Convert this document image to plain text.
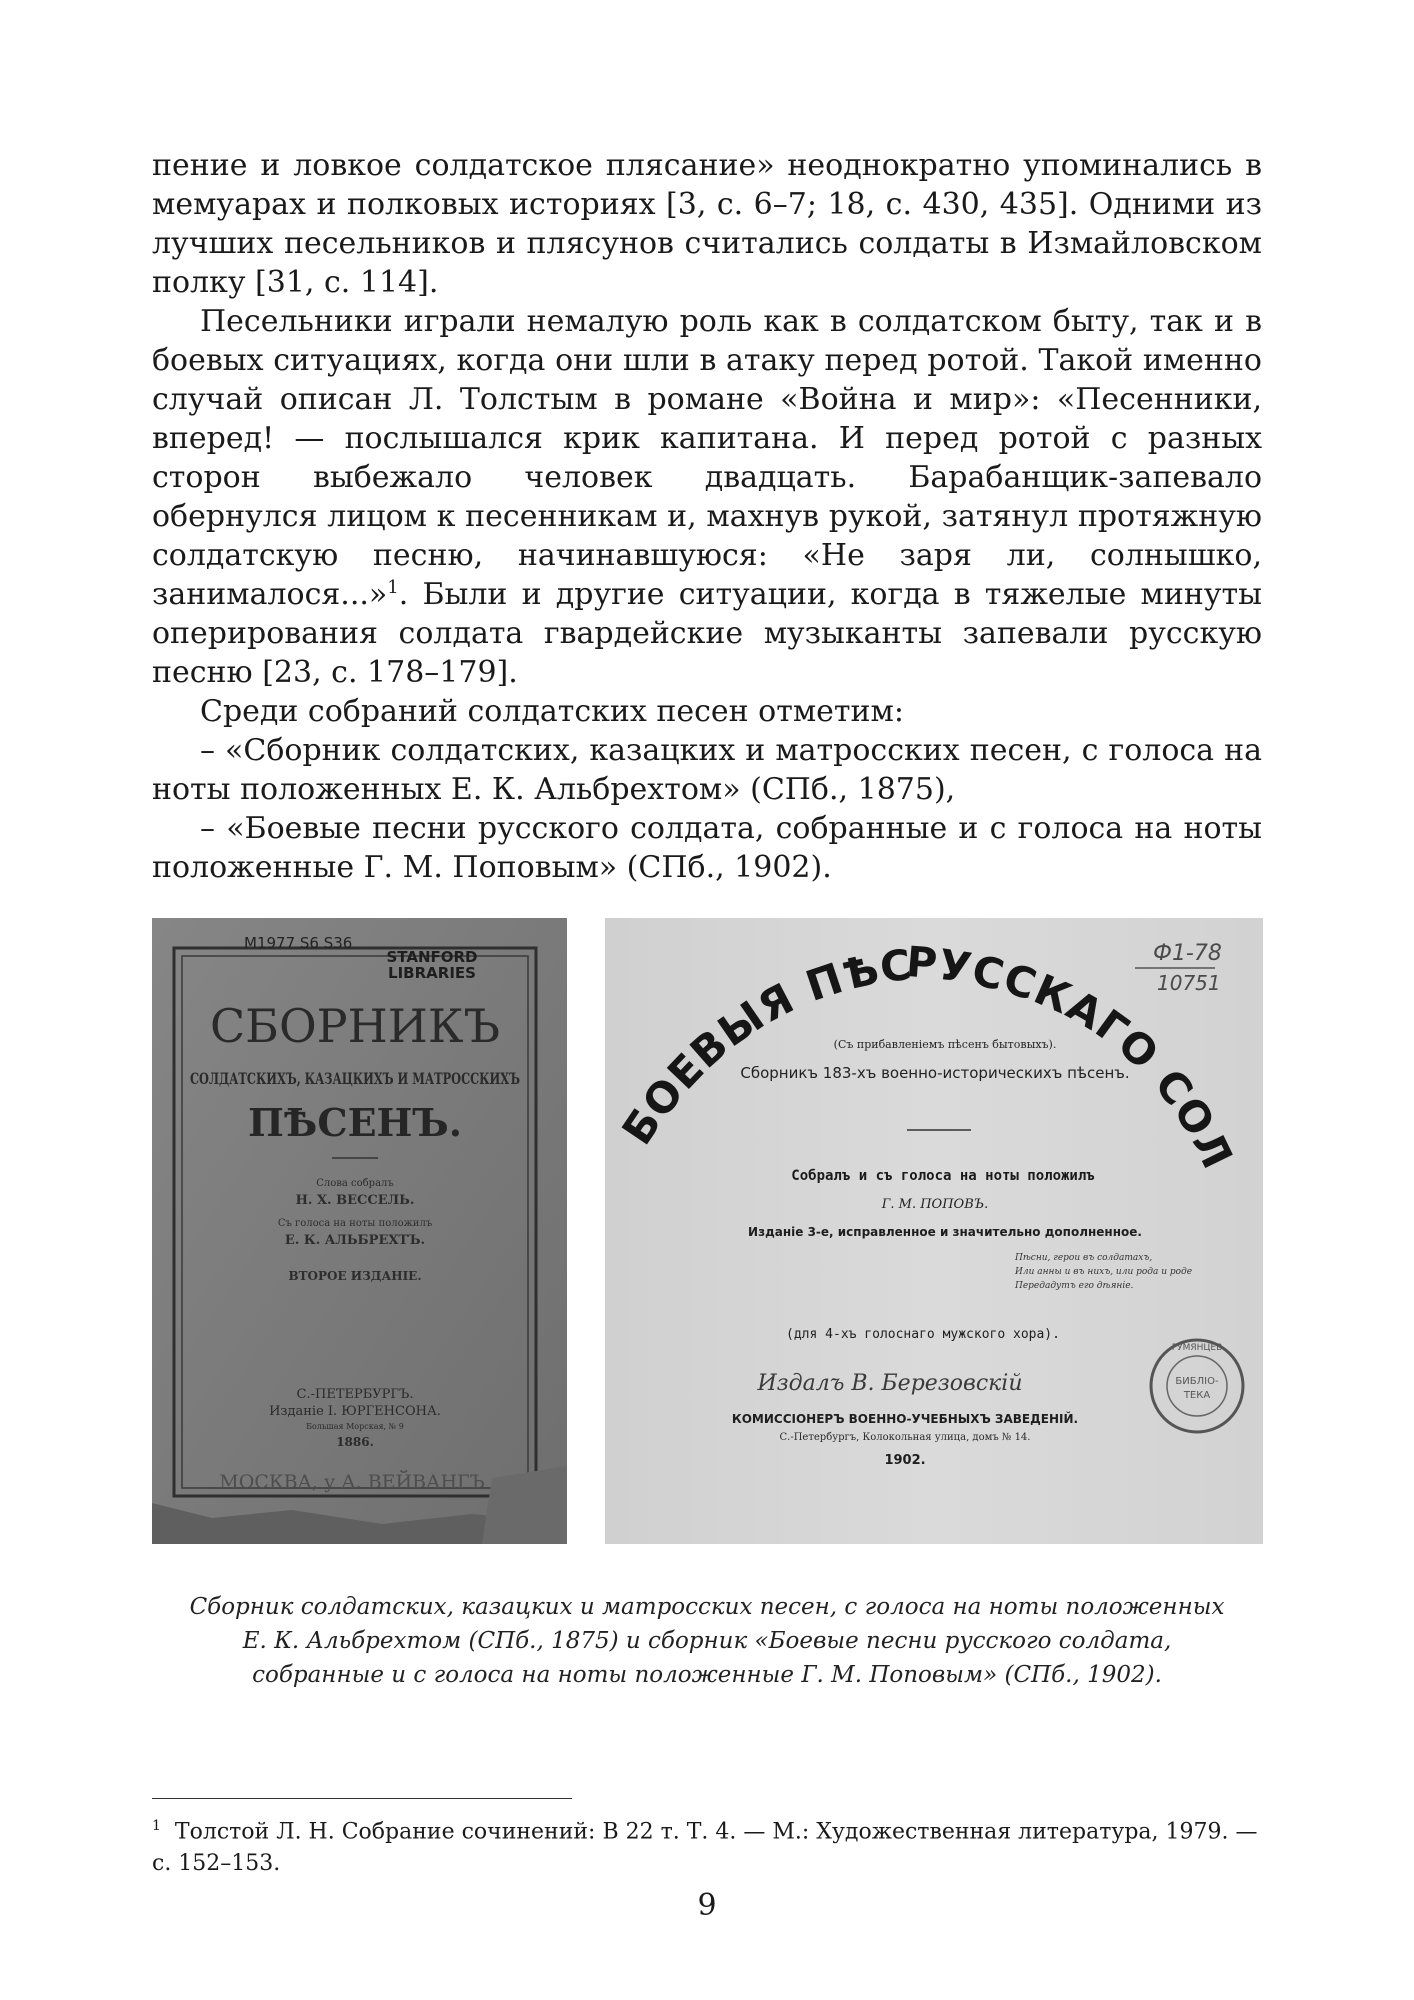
пение и ловкое солдатское плясание» неоднократно упоминались в мемуарах и полковых историях [3, с. 6–7; 18, с. 430, 435]. Одними из лучших песельников и плясунов считались солдаты в Измайловском полку [31, с. 114].

Песельники играли немалую роль как в солдатском быту, так и в боевых ситуациях, когда они шли в атаку перед ротой. Такой именно случай описан Л. Толстым в романе «Война и мир»: «Песенники, вперед! — послышался крик капитана. И перед ротой с разных сторон выбежало человек двадцать. Барабанщик-запевало обернулся лицом к песенникам и, махнув рукой, затянул протяжную солдатскую песню, начинавшуюся: «Не заря ли, солнышко, занималося...»$^1$. Были и другие ситуации, когда в тяжелые минуты оперирования солдата гвардейские музыканты запевали русскую песню [23, с. 178–179].

Среди собраний солдатских песен отметим:

– «Сборник солдатских, казацких и матросских песен, с голоса на ноты положенных Е. К. Альбрехтом» (СПб., 1875),

– «Боевые песни русского солдата, собранные и с голоса на ноты положенные Г. М. Поповым» (СПб., 1902).

M1977 S6 S36
STANFORD
LIBRARIES
СБОРНИКЪ
СОЛДАТСКИХЪ, КАЗАЦКИХЪ И МАТРОССКИХЪ
ПѢСЕНЪ.
Слова собралъ
Н. Х. ВЕССЕЛЬ.
Съ голоса на ноты положилъ
Е. К. АЛЬБРЕХТЪ.
ВТОРОЕ ИЗДАНІЕ.
С.-ПЕТЕРБУРГЪ.
Изданіе I. ЮРГЕНСОНА.
Большая Морская, № 9
1886.
МОСКВА, у А. ВЕЙВАНГЪ
Ф1-78
10751
БОЕВЫЯ ПѢС
РУССКАГО СОЛ
(Съ прибавленіемъ пѣсенъ бытовыхъ).
Сборникъ 183-хъ военно-историческихъ пѣсенъ.
Собралъ и съ голоса на ноты положилъ
Г. М. ПОПОВЪ.
Изданіе 3-е, исправленное и значительно дополненное.
Пѣсни, герои въ солдатахъ,
Или анны и въ нихъ, или рода и роде
Передадутъ его дѣяніе.
(для 4-хъ голоснаго мужского хора).
Издалъ В. Березовскій
КОМИССІОНЕРЪ ВОЕННО-УЧЕБНЫХЪ ЗАВЕДЕНІЙ.
С.-Петербургъ, Колокольная улица, домъ № 14.
1902.
РУМЯНЦЕВ
БИБЛІО-
ТЕКА
Сборник солдатских, казацких и матросских песен, с голоса на ноты положенных
Е. К. Альбрехтом (СПб., 1875) и сборник «Боевые песни русского солдата,
собранные и с голоса на ноты положенные Г. М. Поповым» (СПб., 1902).
$^1$ Толстой Л. Н. Собрание сочинений: В 22 т. Т. 4. — М.: Художественная литература, 1979. — с. 152–153.
9
